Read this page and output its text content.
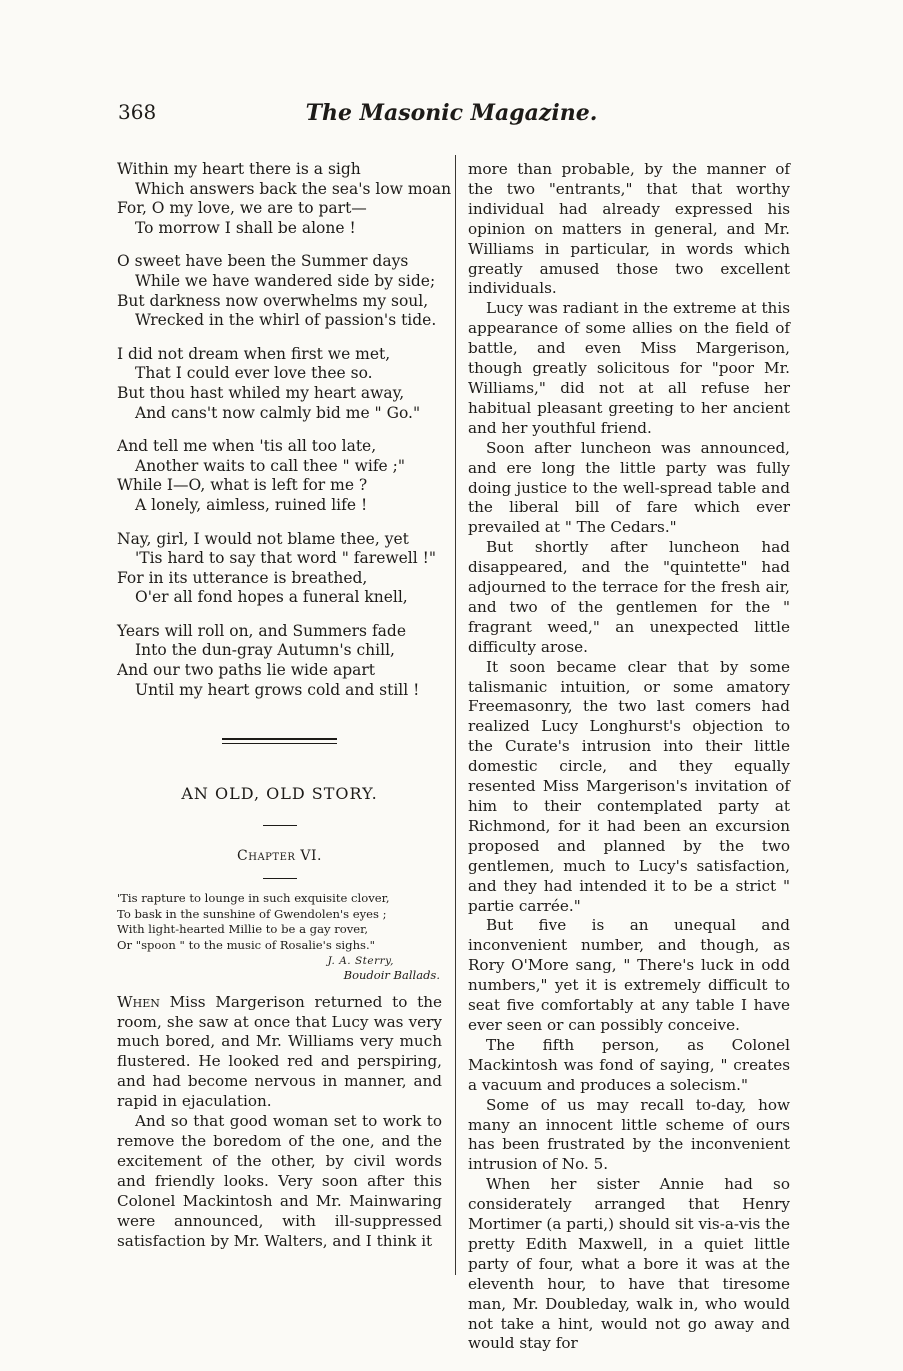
368	The Masonic Magazine.
Within my heart there is a sigh
Which answers back the sea's low moan
For, O my love, we are to part—
To morrow I shall be alone !
O sweet have been the Summer days
While we have wandered side by side;
But darkness now overwhelms my soul,
Wrecked in the whirl of passion's tide.
I did not dream when first we met,
That I could ever love thee so.
But thou hast whiled my heart away,
And cans't now calmly bid me " Go."
And tell me when 'tis all too late,
Another waits to call thee " wife ;"
While I—O, what is left for me ?
A lonely, aimless, ruined life !
Nay, girl, I would not blame thee, yet
'Tis hard to say that word " farewell !"
For in its utterance is breathed,
O'er all fond hopes a funeral knell,
Years will roll on, and Summers fade
Into the dun-gray Autumn's chill,
And our two paths lie wide apart
Until my heart grows cold and still !
AN OLD, OLD STORY.
Chapter VI.
'Tis rapture to lounge in such exquisite clover,
To bask in the sunshine of Gwendolen's eyes ;
With light-hearted Millie to be a gay rover,
Or "spoon " to the music of Rosalie's sighs."
J. A. Sterry,
Boudoir Ballads.

When Miss Margerison returned to the room, she saw at once that Lucy was very much bored, and Mr. Williams very much flustered. He looked red and perspiring, and had become nervous in manner, and rapid in ejaculation.

And so that good woman set to work to remove the boredom of the one, and the excitement of the other, by civil words and friendly looks. Very soon after this Colonel Mackintosh and Mr. Mainwaring were announced, with ill-suppressed satisfaction by Mr. Walters, and I think it

more than probable, by the manner of the two "entrants," that that worthy individual had already expressed his opinion on matters in general, and Mr. Williams in particular, in words which greatly amused those two excellent individuals.

Lucy was radiant in the extreme at this appearance of some allies on the field of battle, and even Miss Margerison, though greatly solicitous for "poor Mr. Williams," did not at all refuse her habitual pleasant greeting to her ancient and her youthful friend.

Soon after luncheon was announced, and ere long the little party was fully doing justice to the well-spread table and the liberal bill of fare which ever prevailed at " The Cedars."

But shortly after luncheon had disappeared, and the "quintette" had adjourned to the terrace for the fresh air, and two of the gentlemen for the " fragrant weed," an unexpected little difficulty arose.

It soon became clear that by some talismanic intuition, or some amatory Freemasonry, the two last comers had realized Lucy Longhurst's objection to the Curate's intrusion into their little domestic circle, and they equally resented Miss Margerison's invitation of him to their contemplated party at Richmond, for it had been an excursion proposed and planned by the two gentlemen, much to Lucy's satisfaction, and they had intended it to be a strict " partie carrée."

But five is an unequal and inconvenient number, and though, as Rory O'More sang, " There's luck in odd numbers," yet it is extremely difficult to seat five comfortably at any table I have ever seen or can possibly conceive.

The fifth person, as Colonel Mackintosh was fond of saying, " creates a vacuum and produces a solecism."

Some of us may recall to-day, how many an innocent little scheme of ours has been frustrated by the inconvenient intrusion of No. 5.

When her sister Annie had so considerately arranged that Henry Mortimer (a parti,) should sit vis-a-vis the pretty Edith Maxwell, in a quiet little party of four, what a bore it was at the eleventh hour, to have that tiresome man, Mr. Doubleday, walk in, who would not take a hint, would not go away and would stay for
